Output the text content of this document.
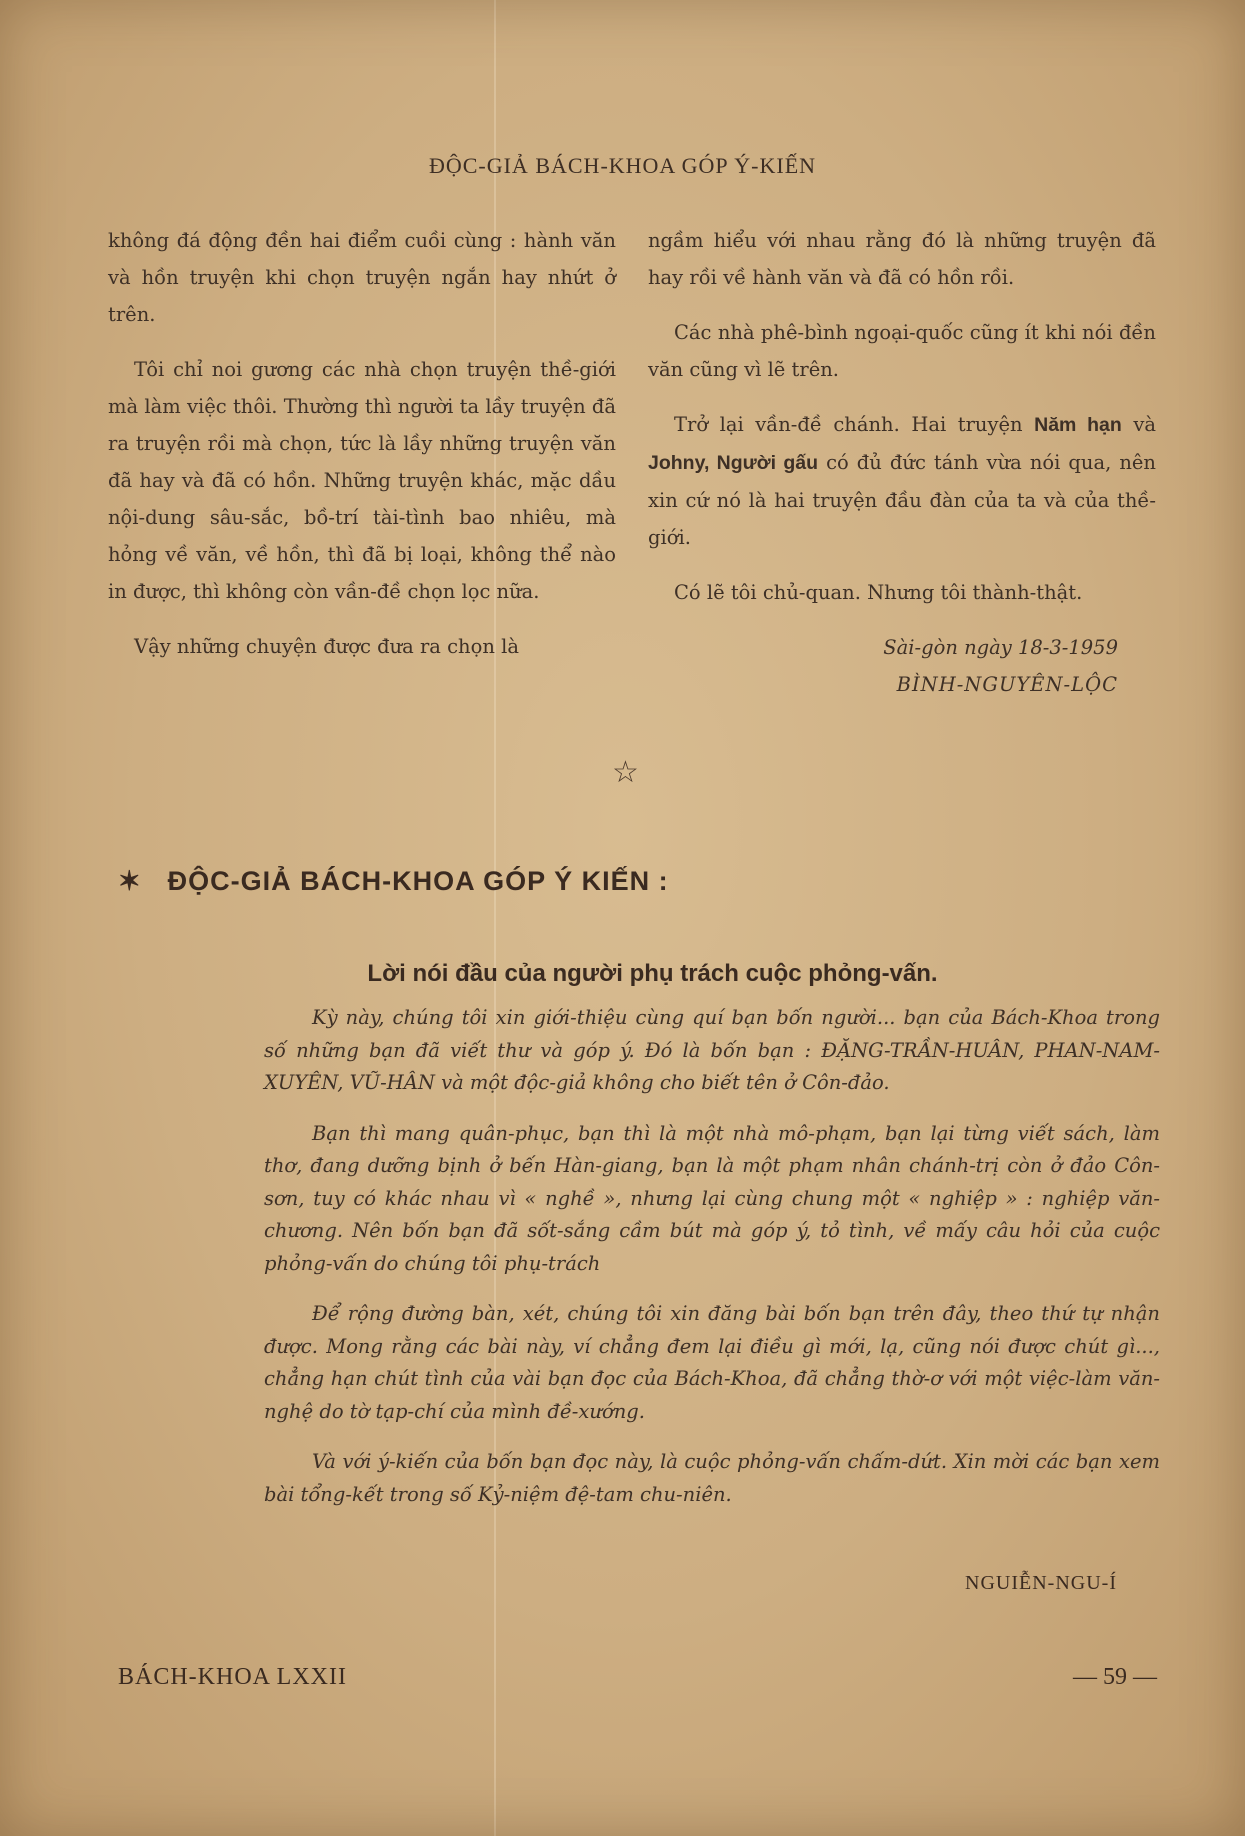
ĐỘC-GIẢ BÁCH-KHOA GÓP Ý-KIẾN

không đá động đền hai điểm cuồi cùng : hành văn và hồn truyện khi chọn truyện ngắn hay nhứt ở trên.

Tôi chỉ noi gương các nhà chọn truyện thề-giới mà làm việc thôi. Thường thì người ta lầy truyện đã ra truyện rồi mà chọn, tức là lầy những truyện văn đã hay và đã có hồn. Những truyện khác, mặc dầu nội-dung sâu-sắc, bồ-trí tài-tình bao nhiêu, mà hỏng về văn, về hồn, thì đã bị loại, không thể nào in được, thì không còn vần-đề chọn lọc nữa.

Vậy những chuyện được đưa ra chọn là

ngầm hiểu với nhau rằng đó là những truyện đã hay rồi về hành văn và đã có hồn rồi.

Các nhà phê-bình ngoại-quốc cũng ít khi nói đền văn cũng vì lẽ trên.

Trở lại vần-đề chánh. Hai truyện Năm hạn và Johny, Người gấu có đủ đức tánh vừa nói qua, nên xin cứ nó là hai truyện đầu đàn của ta và của thề-giới.

Có lẽ tôi chủ-quan. Nhưng tôi thành-thật.

Sài-gòn ngày 18-3-1959
BÌNH-NGUYÊN-LỘC
☆
✶ ĐỘC-GIẢ BÁCH-KHOA GÓP Ý KIẾN :
Lời nói đầu của người phụ trách cuộc phỏng-vấn.

Kỳ này, chúng tôi xin giới-thiệu cùng quí bạn bốn người... bạn của Bách-Khoa trong số những bạn đã viết thư và góp ý. Đó là bốn bạn : ĐẶNG-TRẦN-HUÂN, PHAN-NAM-XUYÊN, VŨ-HÂN và một độc-giả không cho biết tên ở Côn-đảo.

Bạn thì mang quân-phục, bạn thì là một nhà mô-phạm, bạn lại từng viết sách, làm thơ, đang dưỡng bịnh ở bến Hàn-giang, bạn là một phạm nhân chánh-trị còn ở đảo Côn-sơn, tuy có khác nhau vì « nghề », nhưng lại cùng chung một « nghiệp » : nghiệp văn-chương. Nên bốn bạn đã sốt-sắng cầm bút mà góp ý, tỏ tình, về mấy câu hỏi của cuộc phỏng-vấn do chúng tôi phụ-trách

Để rộng đường bàn, xét, chúng tôi xin đăng bài bốn bạn trên đây, theo thứ tự nhận được. Mong rằng các bài này, ví chẳng đem lại điều gì mới, lạ, cũng nói được chút gì..., chẳng hạn chút tình của vài bạn đọc của Bách-Khoa, đã chẳng thờ-ơ với một việc-làm văn-nghệ do tờ tạp-chí của mình đề-xướng.

Và với ý-kiến của bốn bạn đọc này, là cuộc phỏng-vấn chấm-dứt. Xin mời các bạn xem bài tổng-kết trong số Kỷ-niệm đệ-tam chu-niên.

NGUIỄN-NGU-Í
BÁCH-KHOA LXXII	— 59 —
